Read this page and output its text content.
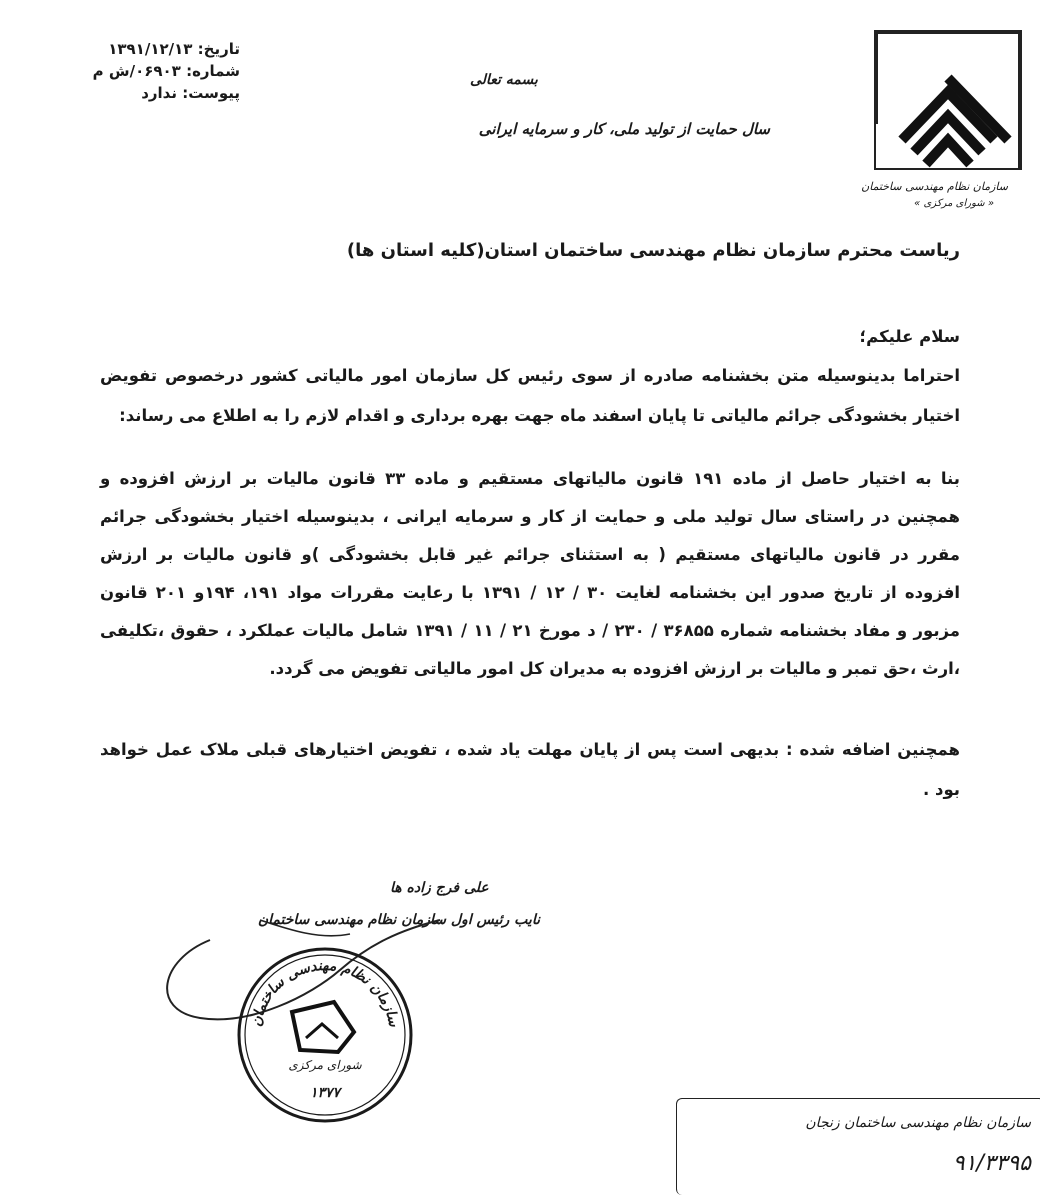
سازمان نظام مهندسی ساختمان
« شورای مرکزی »
تاریخ: ۱۳۹۱/۱۲/۱۳
شماره: ۰۶۹۰۳/ش م
پیوست: ندارد
بسمه تعالی
سال حمایت از تولید ملی، کار و سرمایه ایرانی
ریاست محترم سازمان نظام مهندسی ساختمان استان(کلیه استان ها)
سلام علیکم؛
احتراما بدینوسیله متن بخشنامه صادره از سوی رئیس کل سازمان امور مالیاتی کشور درخصوص تفویض اختیار بخشودگی جرائم مالیاتی تا پایان اسفند ماه جهت بهره برداری و اقدام لازم را به اطلاع می رساند:
بنا به اختیار حاصل از ماده ۱۹۱ قانون مالیاتهای مستقیم و ماده ۳۳ قانون مالیات بر ارزش افزوده و همچنین در راستای سال تولید ملی و حمایت از کار و سرمایه ایرانی ، بدینوسیله اختیار بخشودگی جرائم مقرر در قانون مالیاتهای مستقیم ( به استثنای جرائم غیر قابل بخشودگی )و قانون مالیات بر ارزش افزوده از تاریخ صدور این بخشنامه لغایت ۳۰ / ۱۲ / ۱۳۹۱ با رعایت مقررات مواد ۱۹۱، ۱۹۴و ۲۰۱ قانون مزبور و مفاد بخشنامه شماره ۳۶۸۵۵ / ۲۳۰ / د مورخ ۲۱ / ۱۱ / ۱۳۹۱ شامل مالیات عملکرد ، حقوق ،تکلیفی ،ارث ،حق تمبر و مالیات بر ارزش افزوده به مدیران کل امور مالیاتی تفویض می گردد.
همچنین اضافه شده : بدیهی است پس از پایان مهلت یاد شده ، تفویض اختیارهای قبلی ملاک عمل خواهد بود .
علی فرج زاده ها
نایب رئیس اول سازمان نظام مهندسی ساختمان
سازمان نظام مهندسی ساختمان
شورای مرکزی
۱۳۷۷
سازمان نظام مهندسی ساختمان زنجان
۹۱/۳۳۹۵
